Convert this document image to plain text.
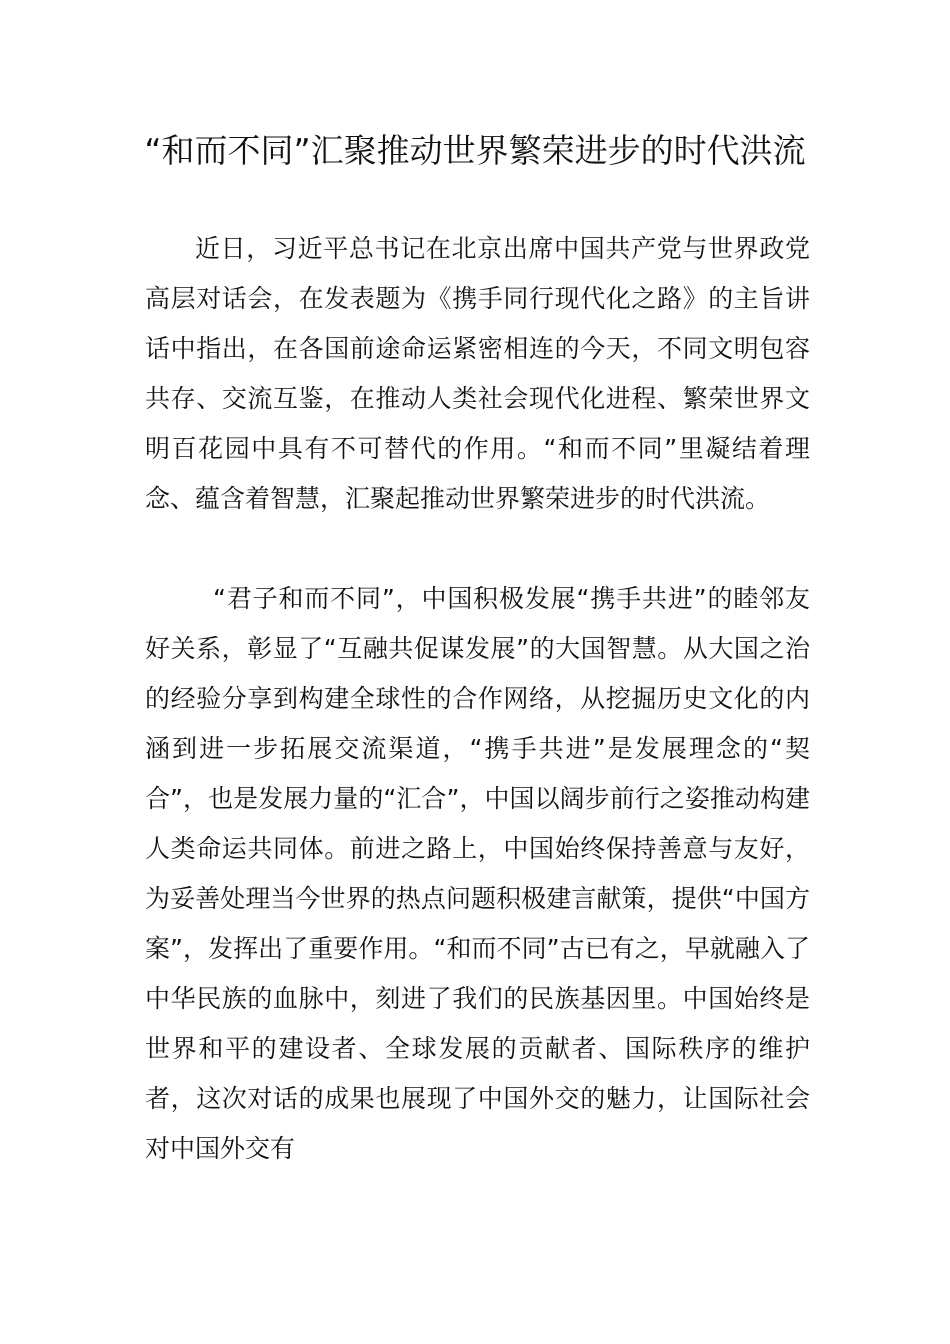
“和而不同”汇聚推动世界繁荣进步的时代洪流

近日，习近平总书记在北京出席中国共产党与世界政党高层对话会，在发表题为《携手同行现代化之路》的主旨讲话中指出，在各国前途命运紧密相连的今天，不同文明包容共存、交流互鉴，在推动人类社会现代化进程、繁荣世界文明百花园中具有不可替代的作用。“和而不同”里凝结着理念、蕴含着智慧，汇聚起推动世界繁荣进步的时代洪流。

“君子和而不同”，中国积极发展“携手共进”的睦邻友好关系，彰显了“互融共促谋发展”的大国智慧。从大国之治的经验分享到构建全球性的合作网络，从挖掘历史文化的内涵到进一步拓展交流渠道，“携手共进”是发展理念的“契合”，也是发展力量的“汇合”，中国以阔步前行之姿推动构建人类命运共同体。前进之路上，中国始终保持善意与友好，为妥善处理当今世界的热点问题积极建言献策，提供“中国方案”，发挥出了重要作用。“和而不同”古已有之，早就融入了中华民族的血脉中，刻进了我们的民族基因里。中国始终是世界和平的建设者、全球发展的贡献者、国际秩序的维护者，这次对话的成果也展现了中国外交的魅力，让国际社会对中国外交有
